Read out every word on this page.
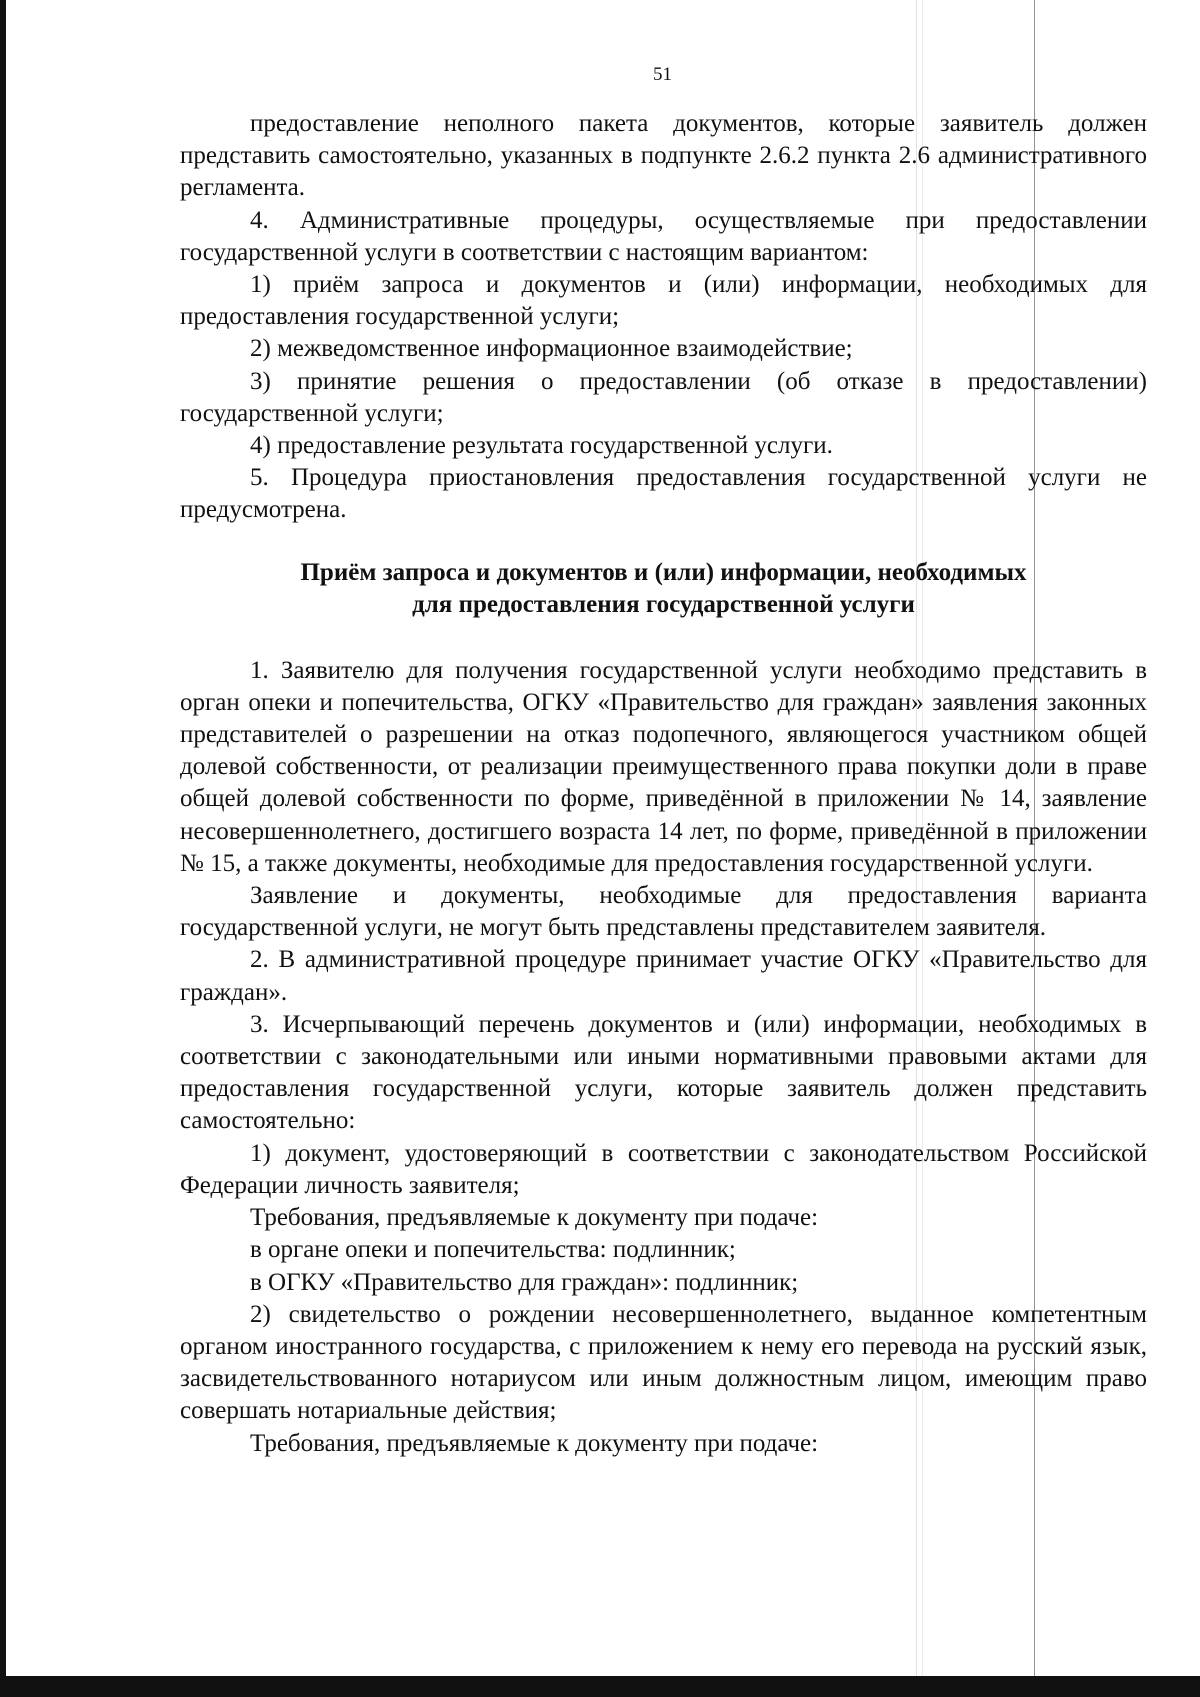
51

предоставление неполного пакета документов, которые заявитель должен представить самостоятельно, указанных в подпункте 2.6.2 пункта 2.6 административного регламента.

4. Административные процедуры, осуществляемые при предоставлении государственной услуги в соответствии с настоящим вариантом:

1) приём запроса и документов и (или) информации, необходимых для предоставления государственной услуги;

2) межведомственное информационное взаимодействие;

3) принятие решения о предоставлении (об отказе в предоставлении) государственной услуги;

4) предоставление результата государственной услуги.

5. Процедура приостановления предоставления государственной услуги не предусмотрена.

Приём запроса и документов и (или) информации, необходимых
для предоставления государственной услуги

1. Заявителю для получения государственной услуги необходимо представить в орган опеки и попечительства, ОГКУ «Правительство для граждан» заявления законных представителей о разрешении на отказ подопечного, являющегося участником общей долевой собственности, от реализации преимущественного права покупки доли в праве общей долевой собственности по форме, приведённой в приложении № 14, заявление несовершеннолетнего, достигшего возраста 14 лет, по форме, приведённой в приложении № 15, а также документы, необходимые для предоставления государственной услуги.

Заявление и документы, необходимые для предоставления варианта государственной услуги, не могут быть представлены представителем заявителя.

2. В административной процедуре принимает участие ОГКУ «Правительство для граждан».

3. Исчерпывающий перечень документов и (или) информации, необходимых в соответствии с законодательными или иными нормативными правовыми актами для предоставления государственной услуги, которые заявитель должен представить самостоятельно:

1) документ, удостоверяющий в соответствии с законодательством Российской Федерации личность заявителя;

Требования, предъявляемые к документу при подаче:

в органе опеки и попечительства: подлинник;

в ОГКУ «Правительство для граждан»: подлинник;

2) свидетельство о рождении несовершеннолетнего, выданное компетентным органом иностранного государства, с приложением к нему его перевода на русский язык, засвидетельствованного нотариусом или иным должностным лицом, имеющим право совершать нотариальные действия;

Требования, предъявляемые к документу при подаче:
